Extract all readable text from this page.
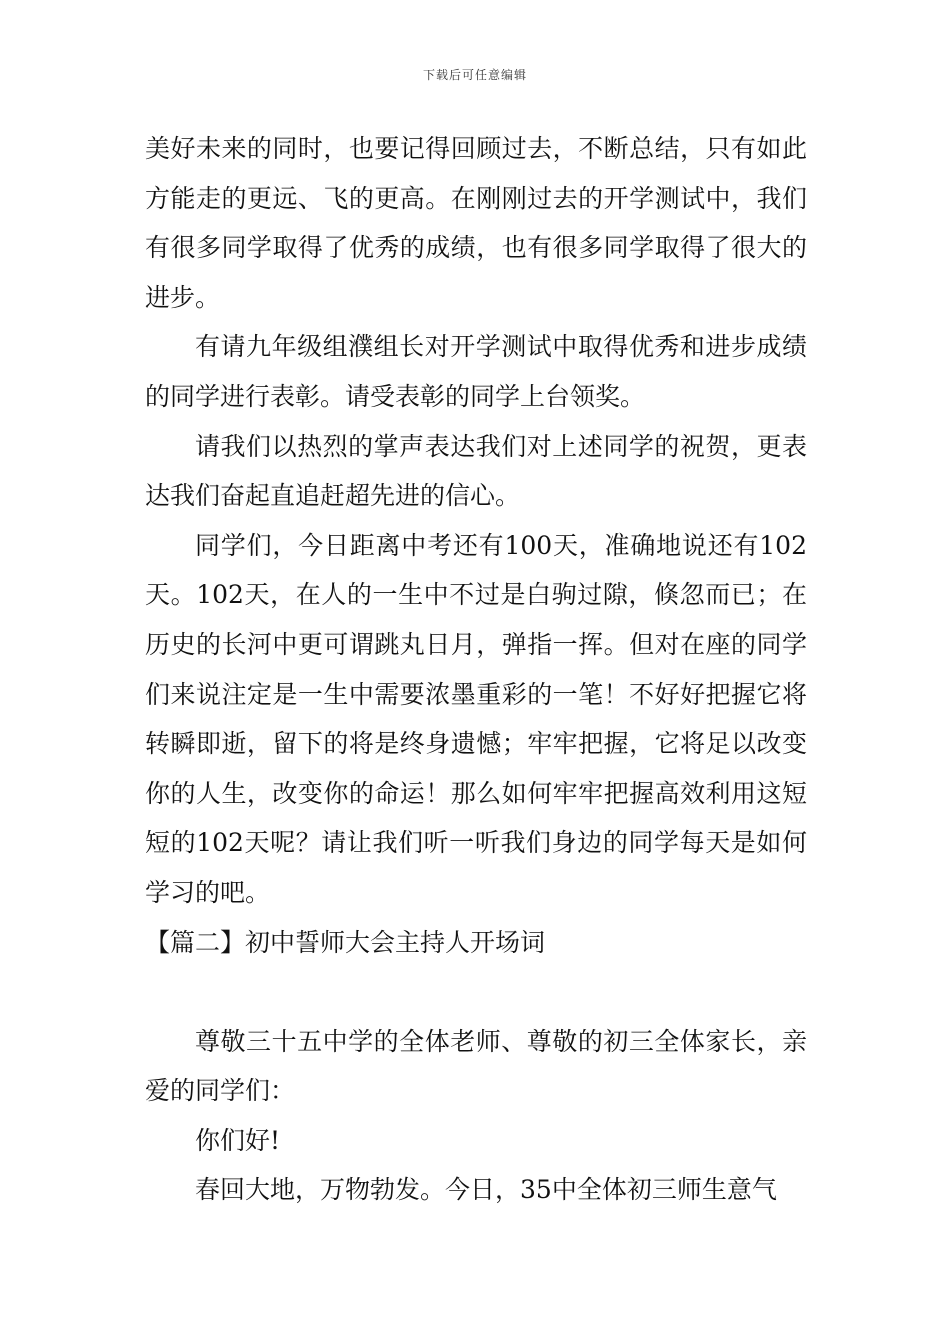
下载后可任意编辑

美好未来的同时，也要记得回顾过去，不断总结，只有如此方能走的更远、飞的更高。在刚刚过去的开学测试中，我们有很多同学取得了优秀的成绩，也有很多同学取得了很大的进步。

有请九年级组濮组长对开学测试中取得优秀和进步成绩的同学进行表彰。请受表彰的同学上台领奖。

请我们以热烈的掌声表达我们对上述同学的祝贺，更表达我们奋起直追赶超先进的信心。

同学们，今日距离中考还有100天，准确地说还有102天。102天，在人的一生中不过是白驹过隙，倏忽而已；在历史的长河中更可谓跳丸日月，弹指一挥。但对在座的同学们来说注定是一生中需要浓墨重彩的一笔！不好好把握它将转瞬即逝，留下的将是终身遗憾；牢牢把握，它将足以改变你的人生，改变你的命运！那么如何牢牢把握高效利用这短短的102天呢？请让我们听一听我们身边的同学每天是如何学习的吧。

【篇二】初中誓师大会主持人开场词

尊敬三十五中学的全体老师、尊敬的初三全体家长，亲爱的同学们：

你们好!

春回大地，万物勃发。今日，35中全体初三师生意气
